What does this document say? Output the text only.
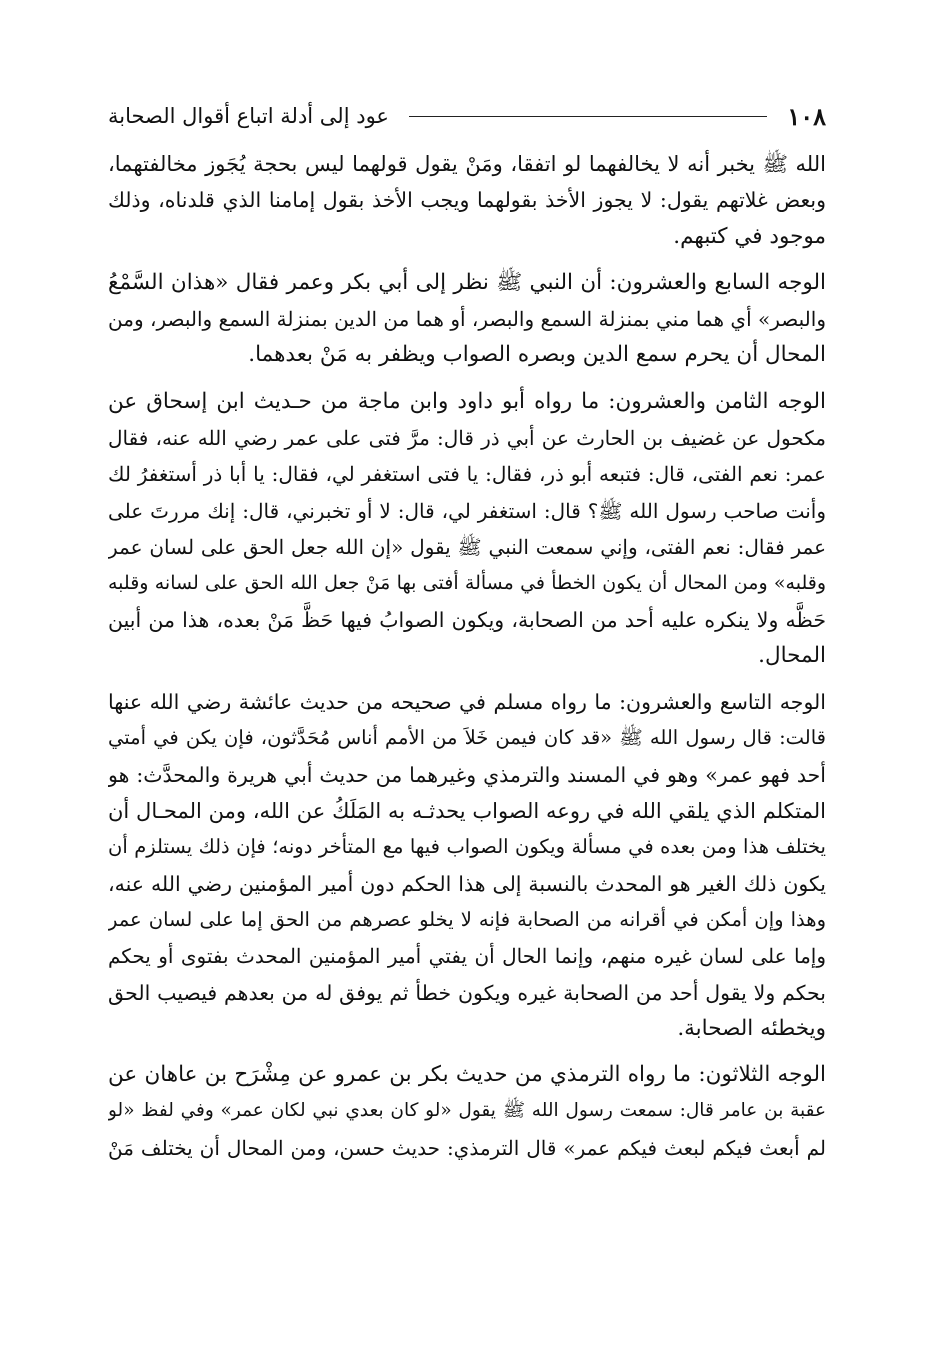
١٠٨
عود إلى أدلة اتباع أقوال الصحابة
الله ﷺ يخبر أنه لا يخالفهما لو اتفقا، ومَنْ يقول قولهما ليس بحجة يُجَوز مخالفتهما،
وبعض غلاتهم يقول: لا يجوز الأخذ بقولهما ويجب الأخذ بقول إمامنا الذي قلدناه، وذلك
موجود في كتبهم.
الوجه السابع والعشرون: أن النبي ﷺ نظر إلى أبي بكر وعمر فقال «هذان السَّمْعُ
والبصر» أي هما مني بمنزلة السمع والبصر، أو هما من الدين بمنزلة السمع والبصر، ومن
المحال أن يحرم سمع الدين وبصره الصواب ويظفر به مَنْ بعدهما.
الوجه الثامن والعشرون: ما رواه أبو داود وابن ماجة من حـديث ابن إسحاق عن
مكحول عن غضيف بن الحارث عن أبي ذر قال: مرَّ فتى على عمر رضي الله عنه، فقال
عمر: نعم الفتى، قال: فتبعه أبو ذر، فقال: يا فتى استغفر لي، فقال: يا أبا ذر أستغفرُ لك
وأنت صاحب رسول الله ﷺ؟ قال: استغفر لي، قال: لا أو تخبرني، قال: إنك مررتَ على
عمر فقال: نعم الفتى، وإني سمعت النبي ﷺ يقول «إن الله جعل الحق على لسان عمر
وقلبه» ومن المحال أن يكون الخطأ في مسألة أفتى بها مَنْ جعل الله الحق على لسانه وقلبه
حَظَّه ولا ينكره عليه أحد من الصحابة، ويكون الصوابُ فيها حَظَّ مَنْ بعده، هذا من أبين
المحال.
الوجه التاسع والعشرون: ما رواه مسلم في صحيحه من حديث عائشة رضي الله عنها
قالت: قال رسول الله ﷺ «قد كان فيمن خَلاَ من الأمم أناس مُحَدَّثون، فإن يكن في أمتي
أحد فهو عمر» وهو في المسند والترمذي وغيرهما من حديث أبي هريرة والمحدَّث: هو
المتكلم الذي يلقي الله في روعه الصواب يحدثـه به المَلَكُ عن الله، ومن المحـال أن
يختلف هذا ومن بعده في مسألة ويكون الصواب فيها مع المتأخر دونه؛ فإن ذلك يستلزم أن
يكون ذلك الغير هو المحدث بالنسبة إلى هذا الحكم دون أمير المؤمنين رضي الله عنه،
وهذا وإن أمكن في أقرانه من الصحابة فإنه لا يخلو عصرهم من الحق إما على لسان عمر
وإما على لسان غيره منهم، وإنما الحال أن يفتي أمير المؤمنين المحدث بفتوى أو يحكم
بحكم ولا يقول أحد من الصحابة غيره ويكون خطأ ثم يوفق له من بعدهم فيصيب الحق
ويخطئه الصحابة.
الوجه الثلاثون: ما رواه الترمذي من حديث بكر بن عمرو عن مِشْرَح بن عاهان عن
عقبة بن عامر قال: سمعت رسول الله ﷺ يقول «لو كان بعدي نبي لكان عمر» وفي لفظ «لو
لم أبعث فيكم لبعث فيكم عمر» قال الترمذي: حديث حسن، ومن المحال أن يختلف مَنْ
